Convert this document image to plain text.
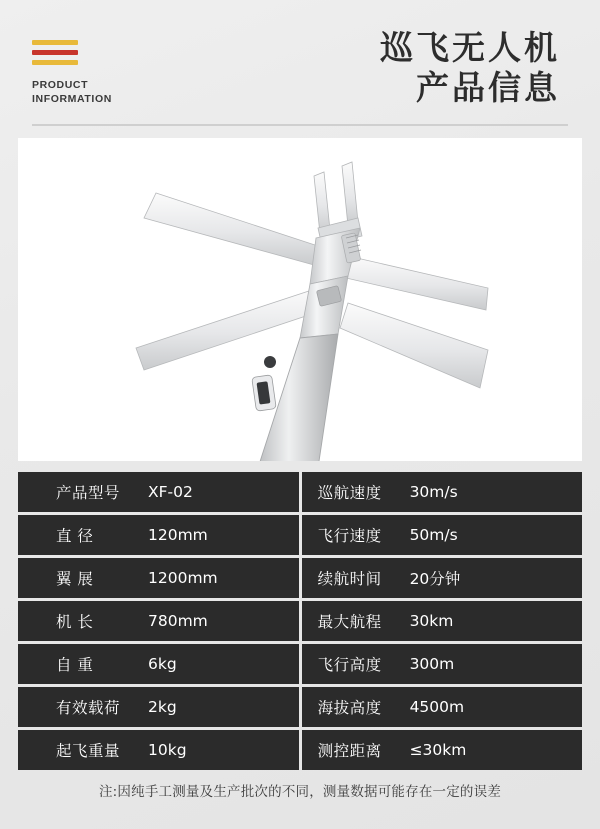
PRODUCT
INFORMATION
巡飞无人机
产品信息
产品型号	XF-02	巡航速度	30m/s
直 径	120mm	飞行速度	50m/s
翼 展	1200mm	续航时间	20分钟
机 长	780mm	最大航程	30km
自 重	6kg	飞行高度	300m
有效载荷	2kg	海拔高度	4500m
起飞重量	10kg	测控距离	≤30km
注:因纯手工测量及生产批次的不同，测量数据可能存在一定的误差
